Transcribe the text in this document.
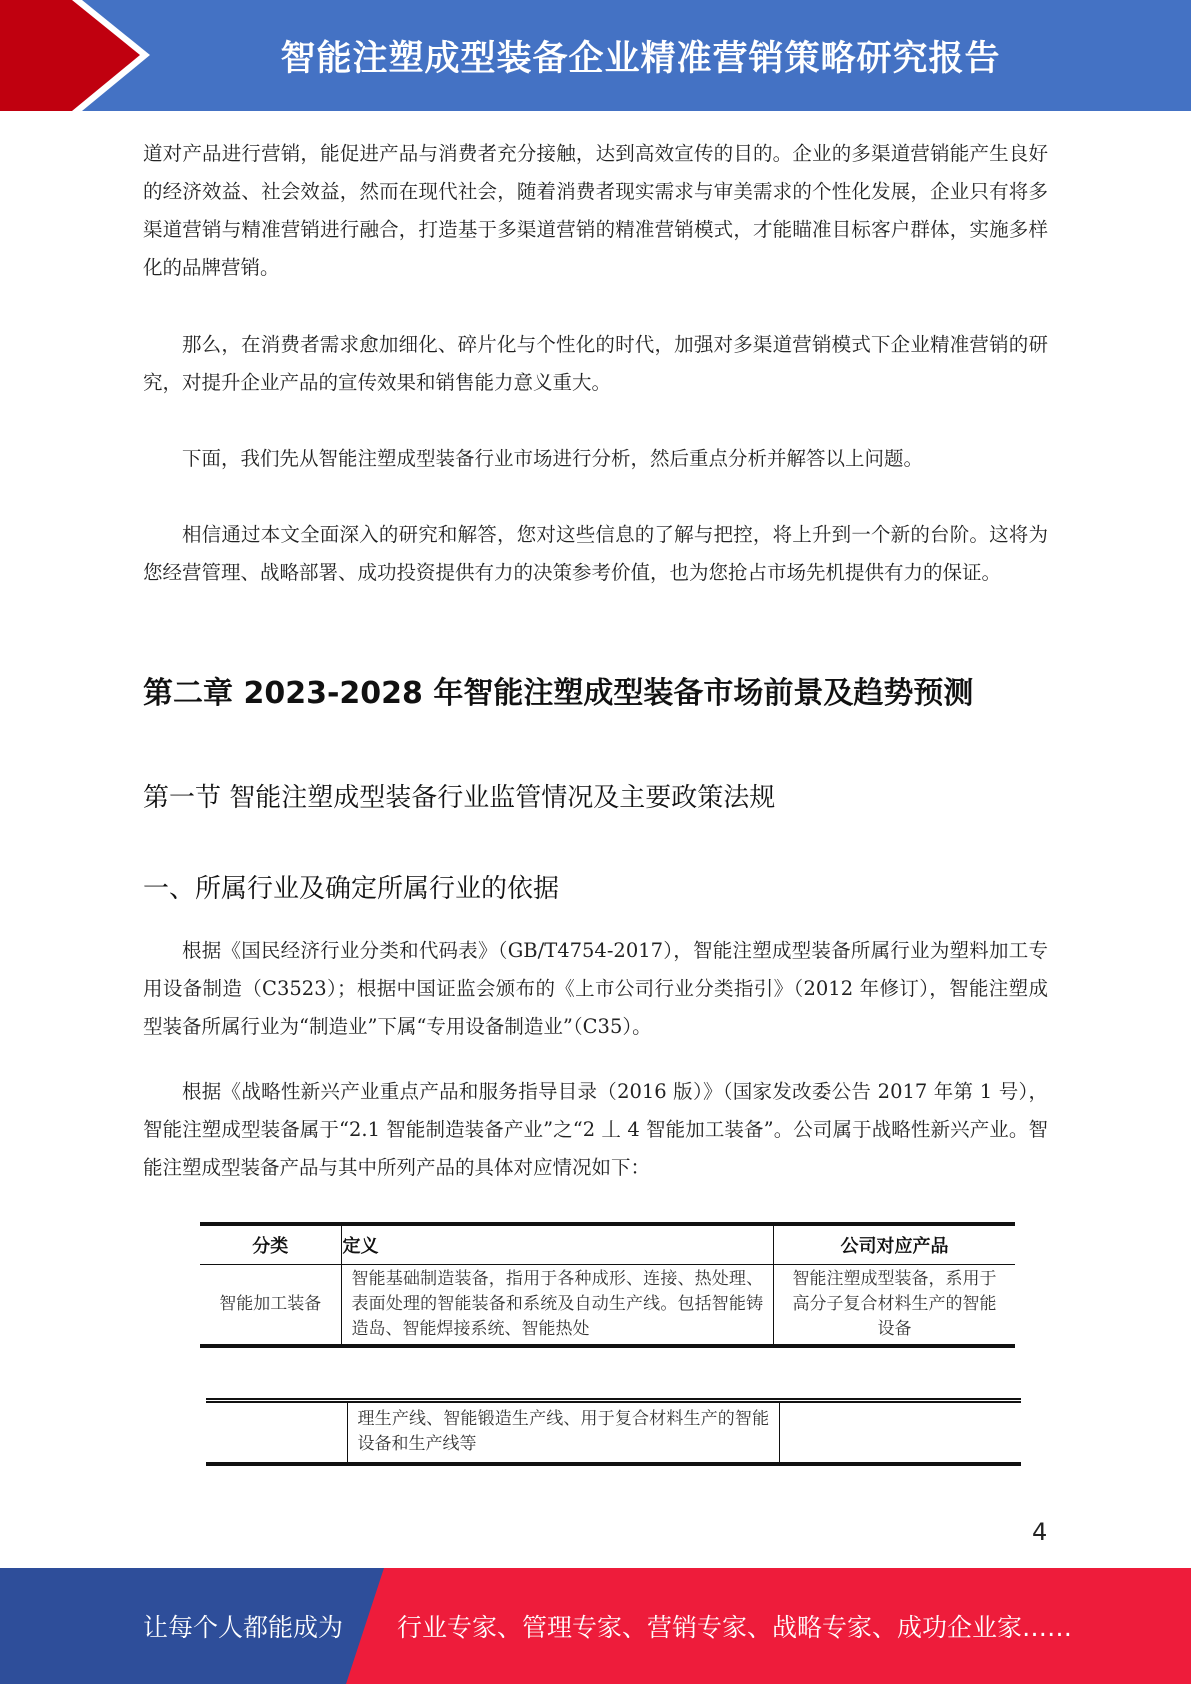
智能注塑成型装备企业精准营销策略研究报告

道对产品进行营销，能促进产品与消费者充分接触，达到高效宣传的目的。企业的多渠道营销能产生良好的经济效益、社会效益，然而在现代社会，随着消费者现实需求与审美需求的个性化发展，企业只有将多渠道营销与精准营销进行融合，打造基于多渠道营销的精准营销模式，才能瞄准目标客户群体，实施多样化的品牌营销。

那么，在消费者需求愈加细化、碎片化与个性化的时代，加强对多渠道营销模式下企业精准营销的研究，对提升企业产品的宣传效果和销售能力意义重大。

下面，我们先从智能注塑成型装备行业市场进行分析，然后重点分析并解答以上问题。

相信通过本文全面深入的研究和解答，您对这些信息的了解与把控，将上升到一个新的台阶。这将为您经营管理、战略部署、成功投资提供有力的决策参考价值，也为您抢占市场先机提供有力的保证。

第二章 2023-2028 年智能注塑成型装备市场前景及趋势预测
第一节 智能注塑成型装备行业监管情况及主要政策法规
一、所属行业及确定所属行业的依据

根据《国民经济行业分类和代码表》（GB/T4754-2017），智能注塑成型装备所属行业为塑料加工专用设备制造（C3523）；根据中国证监会颁布的《上市公司行业分类指引》（2012 年修订），智能注塑成型装备所属行业为“制造业”下属“专用设备制造业”（C35）。

根据《战略性新兴产业重点产品和服务指导目录（2016 版）》（国家发改委公告 2017 年第 1 号），智能注塑成型装备属于“2.1 智能制造装备产业”之“2 丄 4 智能加工装备”。公司属于战略性新兴产业。智能注塑成型装备产品与其中所列产品的具体对应情况如下：

分类	定义	公司对应产品
智能加工装备	智能基础制造装备，指用于各种成形、连接、热处理、表面处理的智能装备和系统及自动生产线。包括智能铸造岛、智能焊接系统、智能热处	智能注塑成型装备，系用于高分子复合材料生产的智能设备
	理生产线、智能锻造生产线、用于复合材料生产的智能设备和生产线等	
4
让每个人都能成为 行业专家、管理专家、营销专家、战略专家、成功企业家……
